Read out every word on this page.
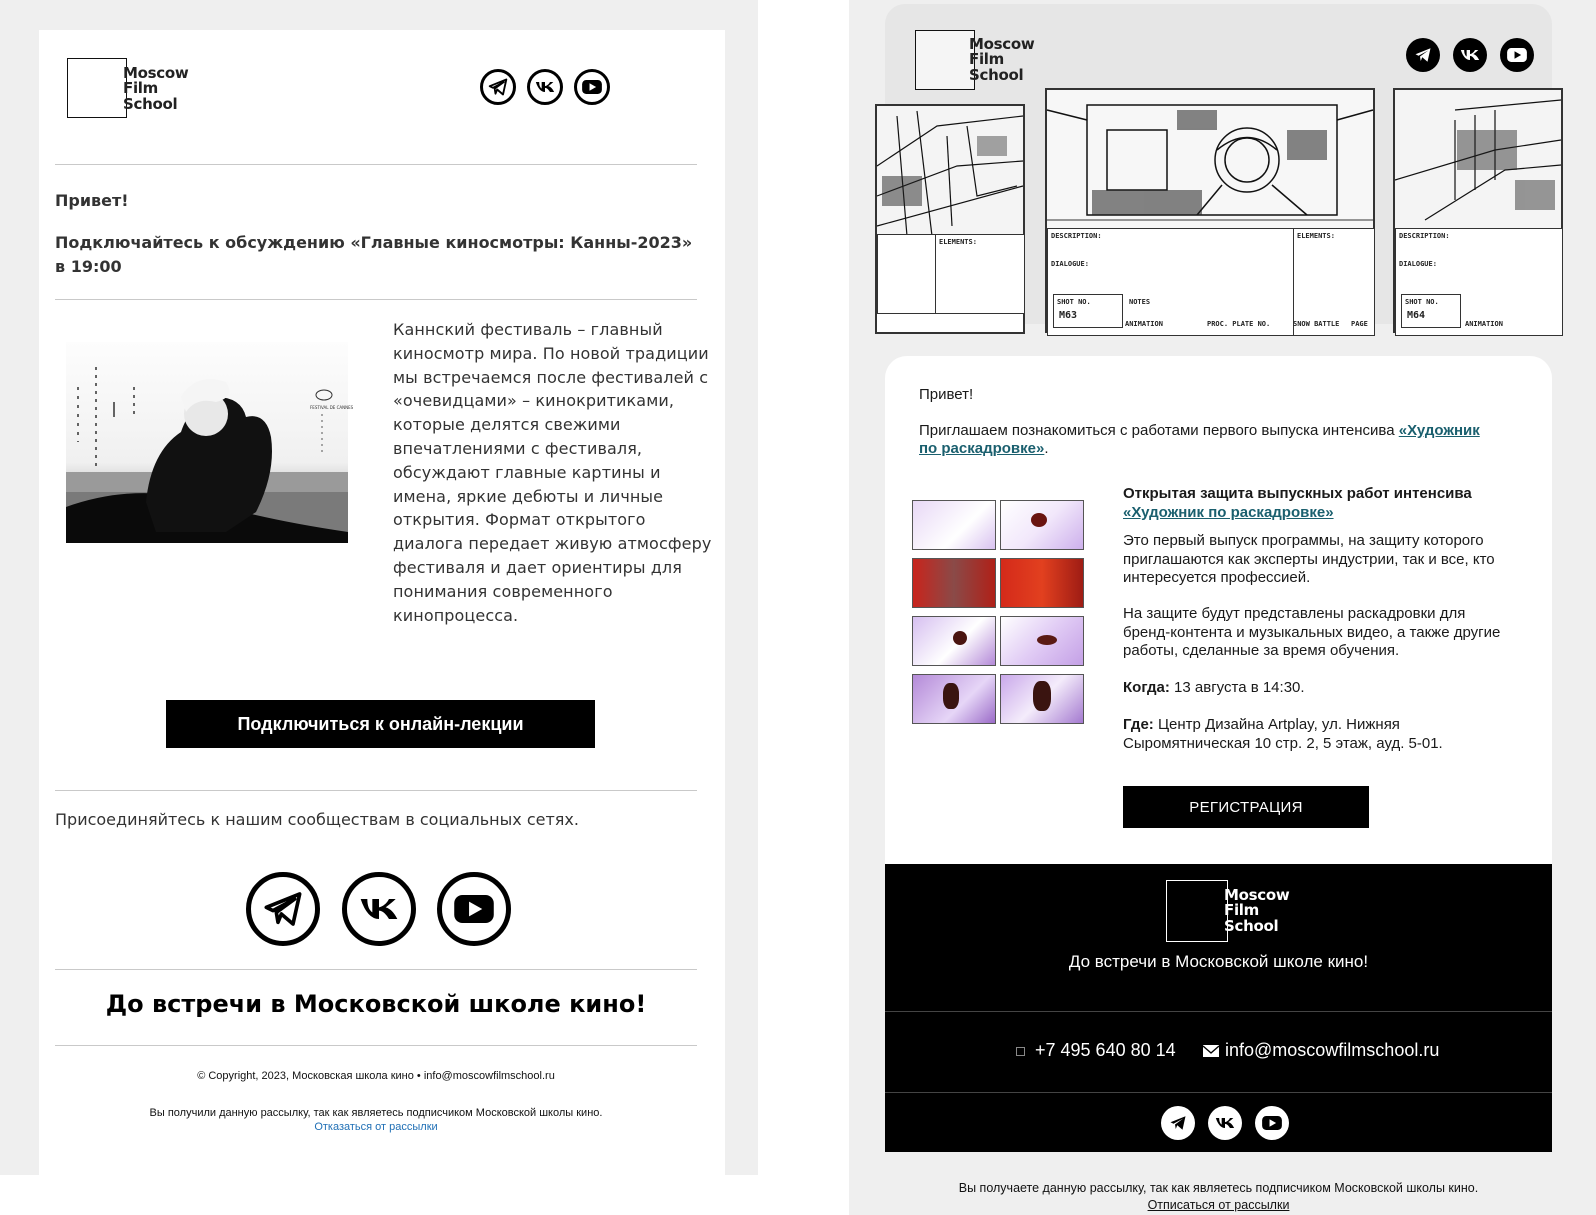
Moscow
Film
School
Привет!
Подключайтесь к обсуждению «Главные киносмотры: Канны-2023»
в 19:00
FESTIVAL DE CANNES
Каннский фестиваль – главный
киносмотр мира. По новой традиции
мы встречаемся после фестивалей с
«очевидцами» – кинокритиками,
которые делятся свежими
впечатлениями с фестиваля,
обсуждают главные картины и
имена, яркие дебюты и личные
открытия. Формат открытого
диалога передает живую атмосферу
фестиваля и дает ориентиры для
понимания современного
кинопроцесса.
Подключиться к онлайн-лекции
Присоединяйтесь к нашим сообществам в социальных сетях.
До встречи в Московской школе кино!
© Copyright, 2023, Московская школа кино • info@moscowfilmschool.ru
Вы получили данную рассылку, так как являетесь подписчиком Московской школы кино.
Отказаться от рассылки
ELEMENTS:
DESCRIPTION:
DIALOGUE:
ELEMENTS:
SHOT NO.
M63
NOTES
ANIMATION	PROC. PLATE NO.	SNOW BATTLE PAGE
DESCRIPTION:
DIALOGUE:
SHOT NO.
M64
ANIMATION
Moscow
Film
School
Привет!
Приглашаем познакомиться с работами первого выпуска интенсива «Художник
по раскадровке».
Открытая защита выпускных работ интенсива
«Художник по раскадровке»
Это первый выпуск программы, на защиту которого
приглашаются как эксперты индустрии, так и все, кто
интересуется профессией.
На защите будут представлены раскадровки для
бренд-контента и музыкальных видео, а также другие
работы, сделанные за время обучения.
Когда: 13 августа в 14:30.
Где: Центр Дизайна Artplay, ул. Нижняя
Сыромятническая 10 стр. 2, 5 этаж, ауд. 5-01.
РЕГИСТРАЦИЯ
Moscow
Film
School
До встречи в Московской школе кино!
+7 495 640 80 14	info@moscowfilmschool.ru
Вы получаете данную рассылку, так как являетесь подписчиком Московской школы кино.
Отписаться от рассылки
